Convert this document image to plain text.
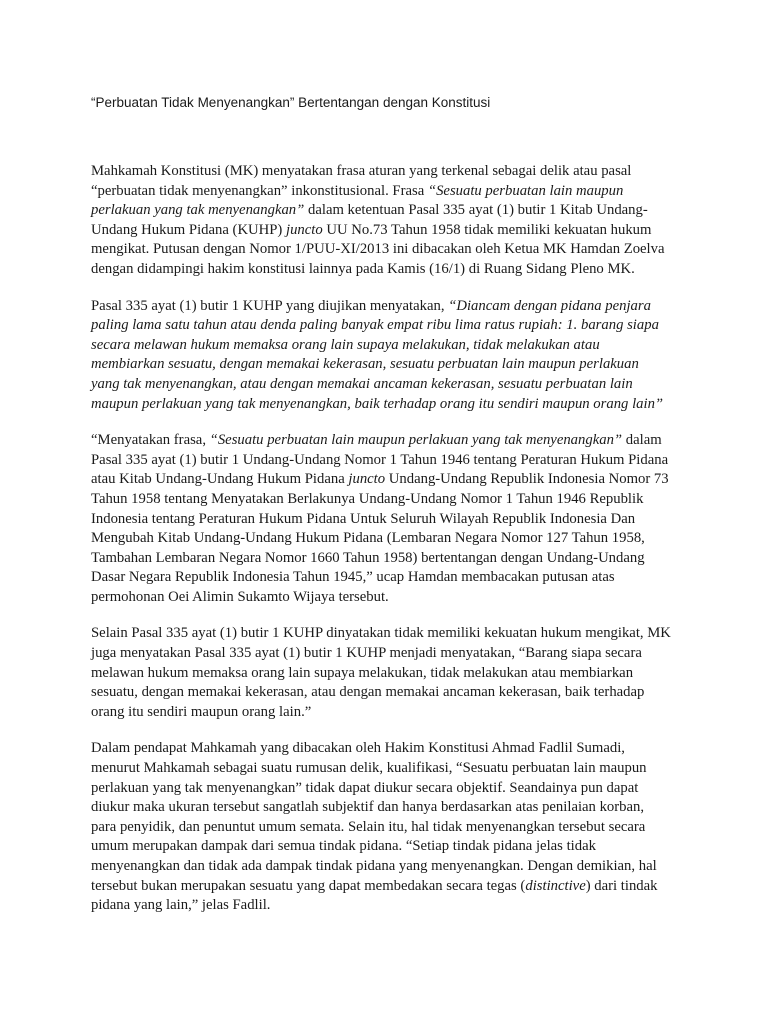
“Perbuatan Tidak Menyenangkan” Bertentangan dengan Konstitusi

Mahkamah Konstitusi (MK) menyatakan frasa aturan yang terkenal sebagai delik atau pasal “perbuatan tidak menyenangkan” inkonstitusional. Frasa “Sesuatu perbuatan lain maupun perlakuan yang tak menyenangkan” dalam ketentuan Pasal 335 ayat (1) butir 1 Kitab Undang-Undang Hukum Pidana (KUHP) juncto UU No.73 Tahun 1958 tidak memiliki kekuatan hukum mengikat. Putusan dengan Nomor 1/PUU-XI/2013 ini dibacakan oleh Ketua MK Hamdan Zoelva dengan didampingi hakim konstitusi lainnya pada Kamis (16/1) di Ruang Sidang Pleno MK.

Pasal 335 ayat (1) butir 1 KUHP yang diujikan menyatakan, “Diancam dengan pidana penjara paling lama satu tahun atau denda paling banyak empat ribu lima ratus rupiah: 1. barang siapa secara melawan hukum memaksa orang lain supaya melakukan, tidak melakukan atau membiarkan sesuatu, dengan memakai kekerasan, sesuatu perbuatan lain maupun perlakuan yang tak menyenangkan, atau dengan memakai ancaman kekerasan, sesuatu perbuatan lain maupun perlakuan yang tak menyenangkan, baik terhadap orang itu sendiri maupun orang lain”

“Menyatakan frasa, “Sesuatu perbuatan lain maupun perlakuan yang tak menyenangkan” dalam Pasal 335 ayat (1) butir 1 Undang-Undang Nomor 1 Tahun 1946 tentang Peraturan Hukum Pidana atau Kitab Undang-Undang Hukum Pidana juncto Undang-Undang Republik Indonesia Nomor 73 Tahun 1958 tentang Menyatakan Berlakunya Undang-Undang Nomor 1 Tahun 1946 Republik Indonesia tentang Peraturan Hukum Pidana Untuk Seluruh Wilayah Republik Indonesia Dan Mengubah Kitab Undang-Undang Hukum Pidana (Lembaran Negara Nomor 127 Tahun 1958, Tambahan Lembaran Negara Nomor 1660 Tahun 1958) bertentangan dengan Undang-Undang Dasar Negara Republik Indonesia Tahun 1945,” ucap Hamdan membacakan putusan atas permohonan Oei Alimin Sukamto Wijaya tersebut.

Selain Pasal 335 ayat (1) butir 1 KUHP dinyatakan tidak memiliki kekuatan hukum mengikat, MK juga menyatakan Pasal 335 ayat (1) butir 1 KUHP menjadi menyatakan, “Barang siapa secara melawan hukum memaksa orang lain supaya melakukan, tidak melakukan atau membiarkan sesuatu, dengan memakai kekerasan, atau dengan memakai ancaman kekerasan, baik terhadap orang itu sendiri maupun orang lain.”

Dalam pendapat Mahkamah yang dibacakan oleh Hakim Konstitusi Ahmad Fadlil Sumadi, menurut Mahkamah sebagai suatu rumusan delik, kualifikasi, “Sesuatu perbuatan lain maupun perlakuan yang tak menyenangkan” tidak dapat diukur secara objektif. Seandainya pun dapat diukur maka ukuran tersebut sangatlah subjektif dan hanya berdasarkan atas penilaian korban, para penyidik, dan penuntut umum semata. Selain itu, hal tidak menyenangkan tersebut secara umum merupakan dampak dari semua tindak pidana. “Setiap tindak pidana jelas tidak menyenangkan dan tidak ada dampak tindak pidana yang menyenangkan. Dengan demikian, hal tersebut bukan merupakan sesuatu yang dapat membedakan secara tegas (distinctive) dari tindak pidana yang lain,” jelas Fadlil.
